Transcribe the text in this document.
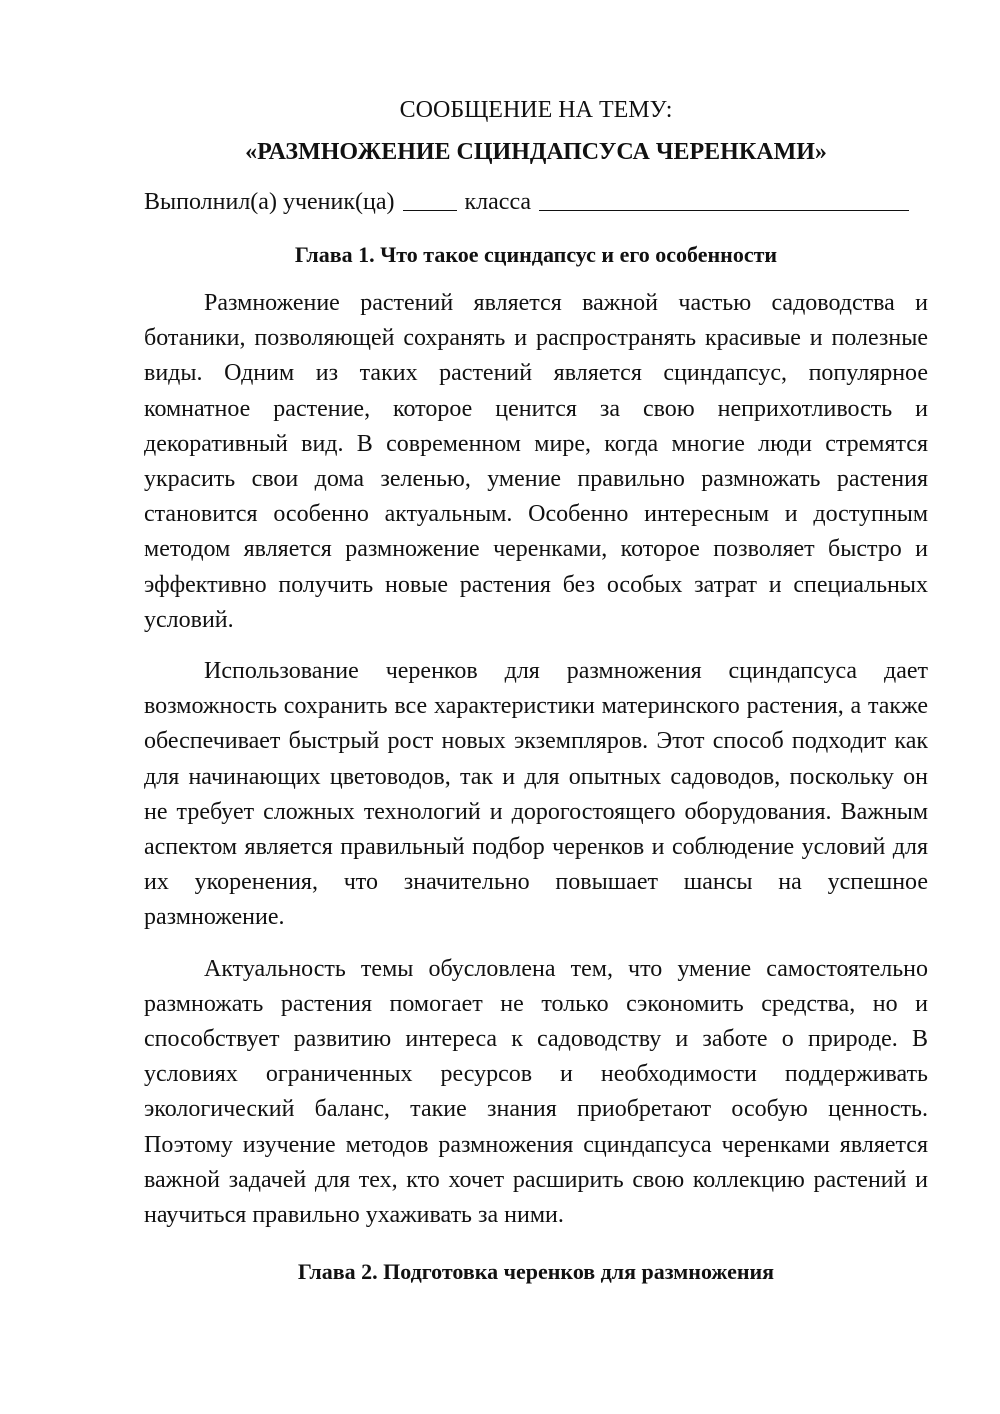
СООБЩЕНИЕ НА ТЕМУ:
«РАЗМНОЖЕНИЕ СЦИНДАПСУСА ЧЕРЕНКАМИ»
Выполнил(а) ученик(ца)	класса
Глава 1. Что такое сциндапсус и его особенности

Размножение растений является важной частью садоводства и ботаники, позволяющей сохранять и распространять красивые и полезные виды. Одним из таких растений является сциндапсус, популярное комнатное растение, которое ценится за свою неприхотливость и декоративный вид. В современном мире, когда многие люди стремятся украсить свои дома зеленью, умение правильно размножать растения становится особенно актуальным. Особенно интересным и доступным методом является размножение черенками, которое позволяет быстро и эффективно получить новые растения без особых затрат и специальных условий.

Использование черенков для размножения сциндапсуса дает возможность сохранить все характеристики материнского растения, а также обеспечивает быстрый рост новых экземпляров. Этот способ подходит как для начинающих цветоводов, так и для опытных садоводов, поскольку он не требует сложных технологий и дорогостоящего оборудования. Важным аспектом является правильный подбор черенков и соблюдение условий для их укоренения, что значительно повышает шансы на успешное размножение.

Актуальность темы обусловлена тем, что умение самостоятельно размножать растения помогает не только сэкономить средства, но и способствует развитию интереса к садоводству и заботе о природе. В условиях ограниченных ресурсов и необходимости поддерживать экологический баланс, такие знания приобретают особую ценность. Поэтому изучение методов размножения сциндапсуса черенками является важной задачей для тех, кто хочет расширить свою коллекцию растений и научиться правильно ухаживать за ними.

Глава 2. Подготовка черенков для размножения
